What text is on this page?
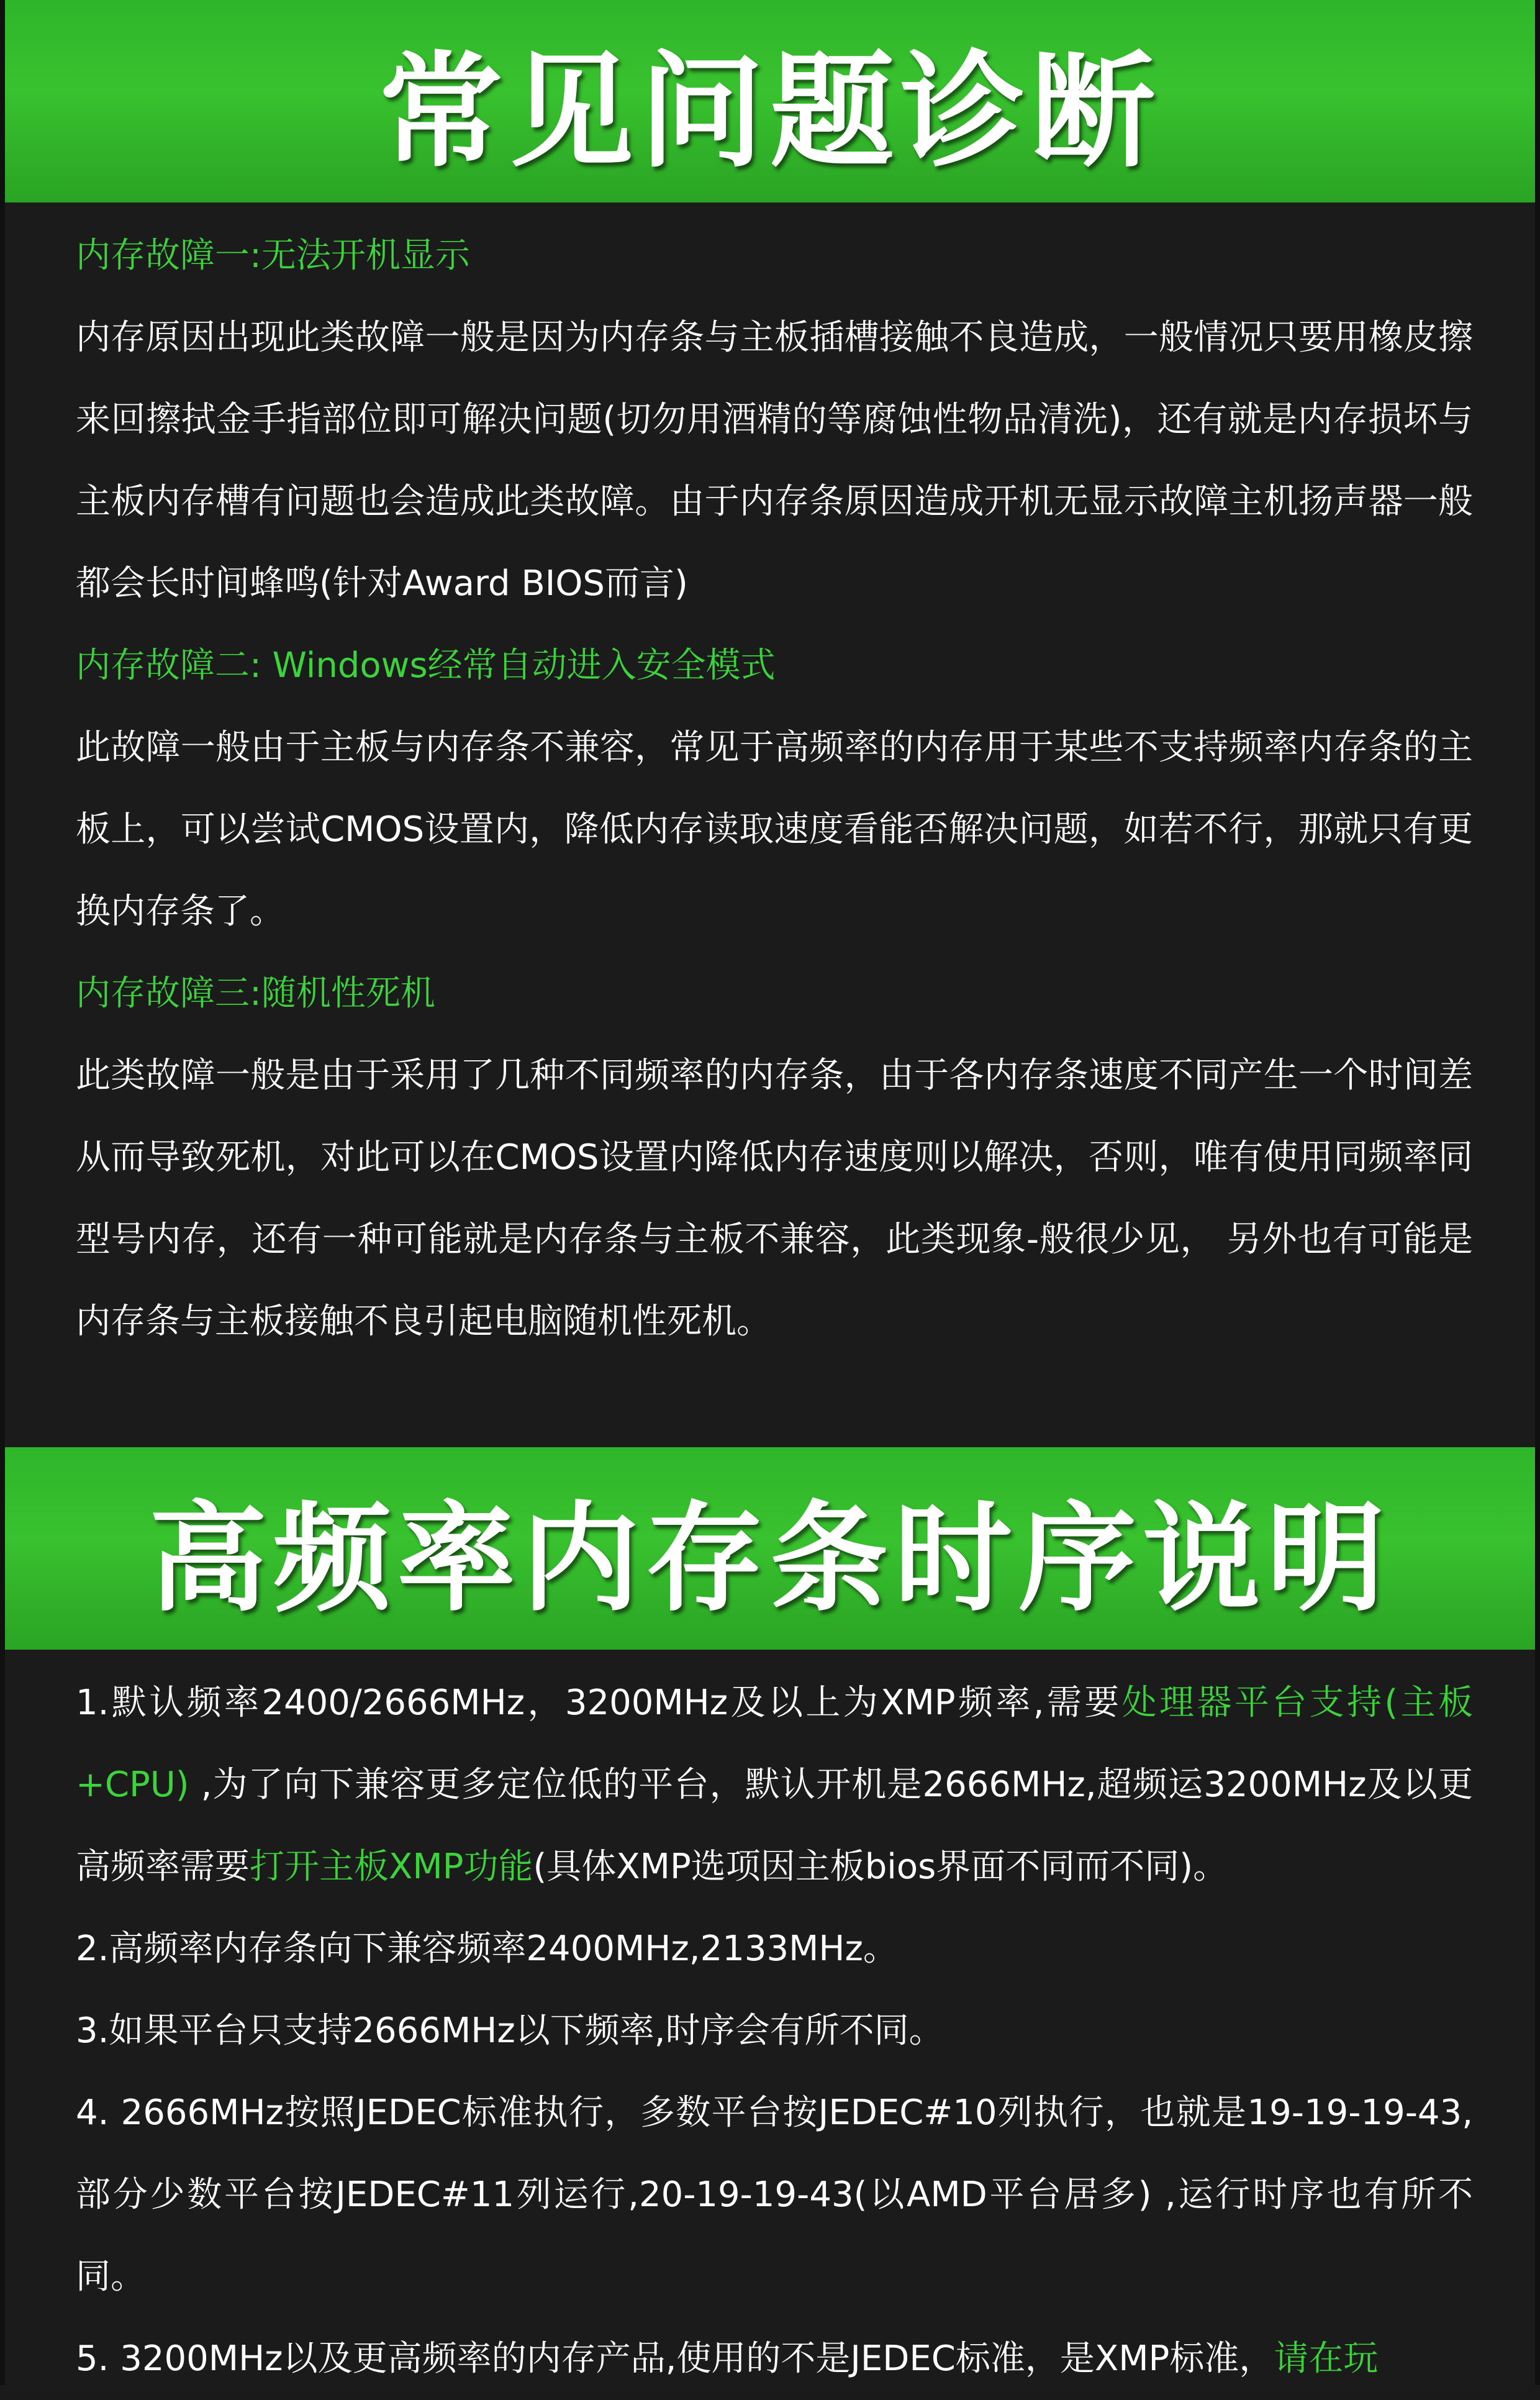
常见问题诊断
内存故障一:无法开机显示
内存原因出现此类故障一般是因为内存条与主板插槽接触不良造成，一般情况只要用橡皮擦来回擦拭金手指部位即可解决问题(切勿用酒精的等腐蚀性物品清洗)，还有就是内存损坏与主板内存槽有问题也会造成此类故障。由于内存条原因造成开机无显示故障主机扬声器一般都会长时间蜂鸣(针对Award BIOS而言)
内存故障二: Windows经常自动进入安全模式
此故障一般由于主板与内存条不兼容，常见于高频率的内存用于某些不支持频率内存条的主板上，可以尝试CMOS设置内，降低内存读取速度看能否解决问题，如若不行，那就只有更换内存条了。
内存故障三:随机性死机
此类故障一般是由于采用了几种不同频率的内存条，由于各内存条速度不同产生一个时间差从而导致死机，对此可以在CMOS设置内降低内存速度则以解决，否则，唯有使用同频率同型号内存，还有一种可能就是内存条与主板不兼容，此类现象-般很少见， 另外也有可能是内存条与主板接触不良引起电脑随机性死机。
高频率内存条时序说明
1.默认频率2400/2666MHz，3200MHz及以上为XMP频率,需要处理器平台支持(主板+CPU) ,为了向下兼容更多定位低的平台，默认开机是2666MHz,超频运3200MHz及以更高频率需要打开主板XMP功能(具体XMP选项因主板bios界面不同而不同)。
2.高频率内存条向下兼容频率2400MHz,2133MHz。
3.如果平台只支持2666MHz以下频率,时序会有所不同。
4. 2666MHz按照JEDEC标准执行，多数平台按JEDEC#10列执行，也就是19-19-19-43,部分少数平台按JEDEC#11列运行,20-19-19-43(以AMD平台居多) ,运行时序也有所不同。
5. 3200MHz以及更高频率的内存产品,使用的不是JEDEC标准，是XMP标准，请在玩
